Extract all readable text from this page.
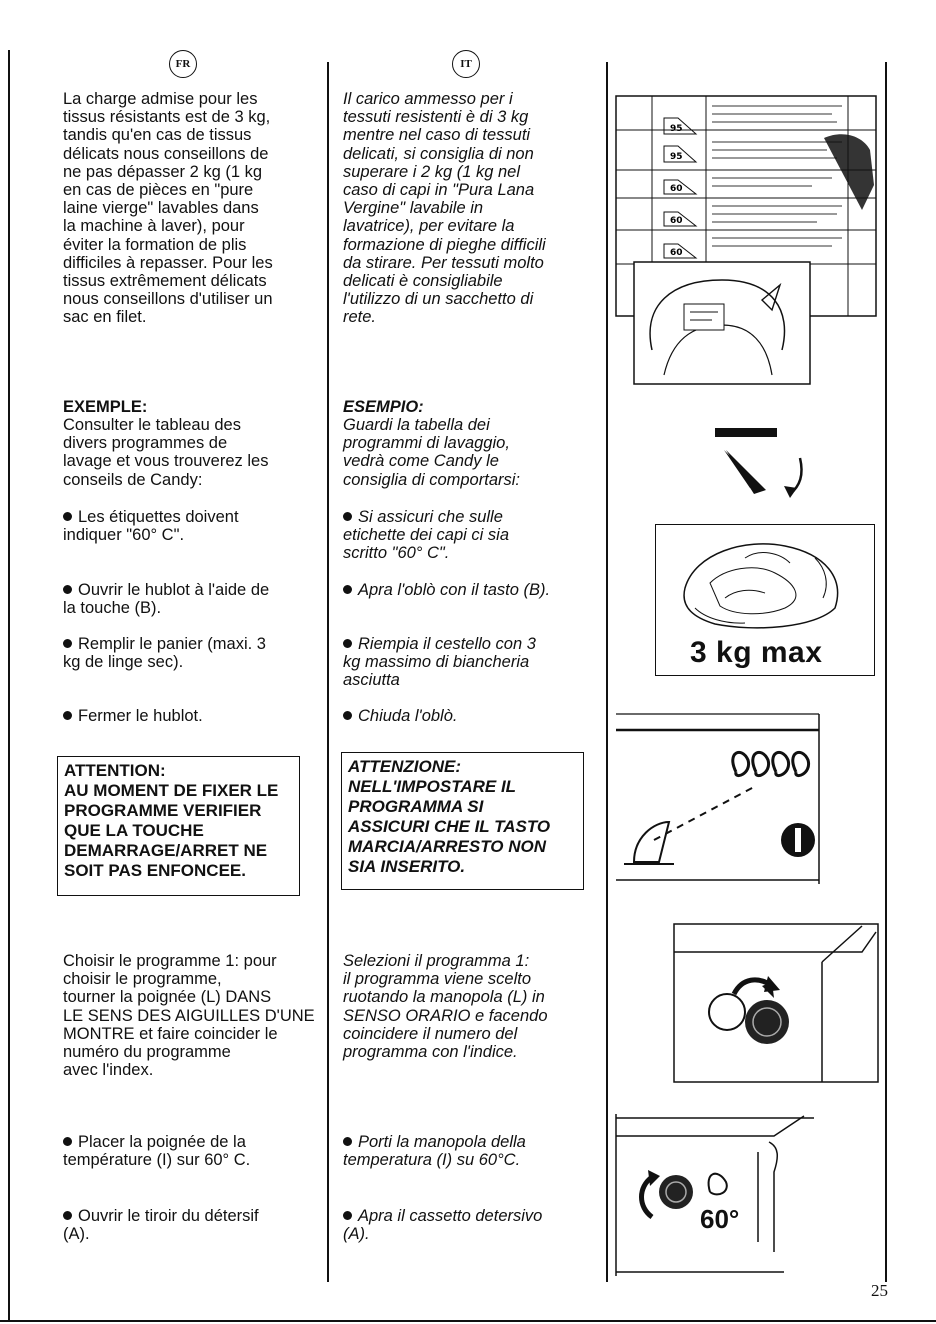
FR	IT
La charge admise pour les
tissus résistants est de 3 kg,
tandis qu'en cas de tissus
délicats nous conseillons de
ne pas dépasser 2 kg (1 kg
en cas de pièces en "pure
laine vierge" lavables dans
la machine à laver), pour
éviter la formation de plis
difficiles à repasser. Pour les
tissus extrêmement délicats
nous conseillons d'utiliser un
sac en filet.
EXEMPLE:
Consulter le tableau des
divers programmes de
lavage et vous trouverez les
conseils de Candy:
Les étiquettes doivent
indiquer "60° C".
Ouvrir le hublot à l'aide de
la touche (B).
Remplir le panier (maxi. 3
kg de linge sec).
Fermer le hublot.
ATTENTION:
AU MOMENT DE FIXER LE
PROGRAMME VERIFIER
QUE LA TOUCHE
DEMARRAGE/ARRET NE
SOIT PAS ENFONCEE.
Choisir le programme 1: pour
choisir le programme,
tourner la poignée (L) DANS
LE SENS DES AIGUILLES D'UNE
MONTRE et faire coincider le
numéro du programme
avec l'index.
Placer la poignée de la
température (I) sur 60° C.
Ouvrir le tiroir du détersif
(A).
Il carico ammesso per i
tessuti resistenti è di 3 kg
mentre nel caso di tessuti
delicati, si consiglia di non
superare i 2 kg (1 kg nel
caso di capi in "Pura Lana
Vergine" lavabile in
lavatrice), per evitare la
formazione di pieghe difficili
da stirare. Per tessuti molto
delicati è consigliabile
l'utilizzo di un sacchetto di
rete.
ESEMPIO:
Guardi la tabella dei
programmi di lavaggio,
vedrà come Candy le
consiglia di comportarsi:
Si assicuri che sulle
etichette dei capi ci sia
scritto "60° C".
Apra l'oblò con il tasto (B).
Riempia il cestello con 3
kg massimo di biancheria
asciutta
Chiuda l'oblò.
ATTENZIONE:
NELL'IMPOSTARE IL
PROGRAMMA SI
ASSICURI CHE IL TASTO
MARCIA/ARRESTO NON
SIA INSERITO.
Selezioni il programma 1:
il programma viene scelto
ruotando la manopola (L) in
SENSO ORARIO e facendo
coincidere il numero del
programma con l'indice.
Porti la manopola della
temperatura (I) su 60°C.
Apra il cassetto detersivo
(A).
95
95
60
60
60
3 kg max
60°
25
